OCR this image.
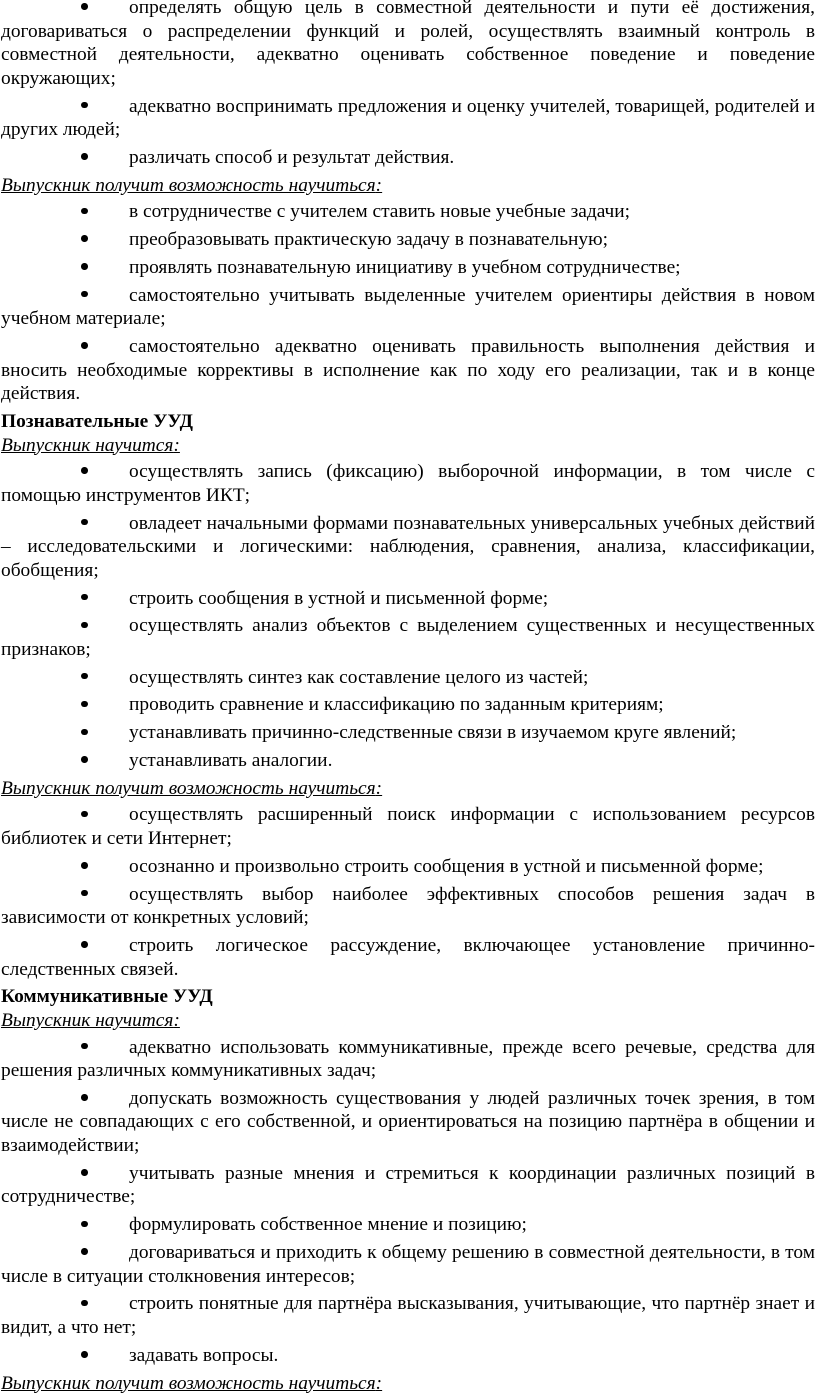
определять общую цель в совместной деятельности и пути её достижения, договариваться о распределении функций и ролей, осуществлять взаимный контроль в совместной деятельности, адекватно оценивать собственное поведение и поведение окружающих;
адекватно воспринимать предложения и оценку учителей, товарищей, родителей и других людей;
различать способ и результат действия.
Выпускник получит возможность научиться:
в сотрудничестве с учителем ставить новые учебные задачи;
преобразовывать практическую задачу в познавательную;
проявлять познавательную инициативу в учебном сотрудничестве;
самостоятельно учитывать выделенные учителем ориентиры действия в новом учебном материале;
самостоятельно адекватно оценивать правильность выполнения действия и вносить необходимые коррективы в исполнение как по ходу его реализации, так и в конце действия.
Познавательные УУД
Выпускник научится:
осуществлять запись (фиксацию) выборочной информации, в том числе с помощью инструментов ИКТ;
овладеет начальными формами познавательных универсальных учебных действий – исследовательскими и логическими: наблюдения, сравнения, анализа, классификации, обобщения;
строить сообщения в устной и письменной форме;
осуществлять анализ объектов с выделением существенных и несущественных признаков;
осуществлять синтез как составление целого из частей;
проводить сравнение и классификацию по заданным критериям;
устанавливать причинно-следственные связи в изучаемом круге явлений;
устанавливать аналогии.
Выпускник получит возможность научиться:
осуществлять расширенный поиск информации с использованием ресурсов библиотек и сети Интернет;
осознанно и произвольно строить сообщения в устной и письменной форме;
осуществлять выбор наиболее эффективных способов решения задач в зависимости от конкретных условий;
строить логическое рассуждение, включающее установление причинно-следственных связей.
Коммуникативные УУД
Выпускник научится:
адекватно использовать коммуникативные, прежде всего речевые, средства для решения различных коммуникативных задач;
допускать возможность существования у людей различных точек зрения, в том числе не совпадающих с его собственной, и ориентироваться на позицию партнёра в общении и взаимодействии;
учитывать разные мнения и стремиться к координации различных позиций в сотрудничестве;
формулировать собственное мнение и позицию;
договариваться и приходить к общему решению в совместной деятельности, в том числе в ситуации столкновения интересов;
строить понятные для партнёра высказывания, учитывающие, что партнёр знает и видит, а что нет;
задавать вопросы.
Выпускник получит возможность научиться:
